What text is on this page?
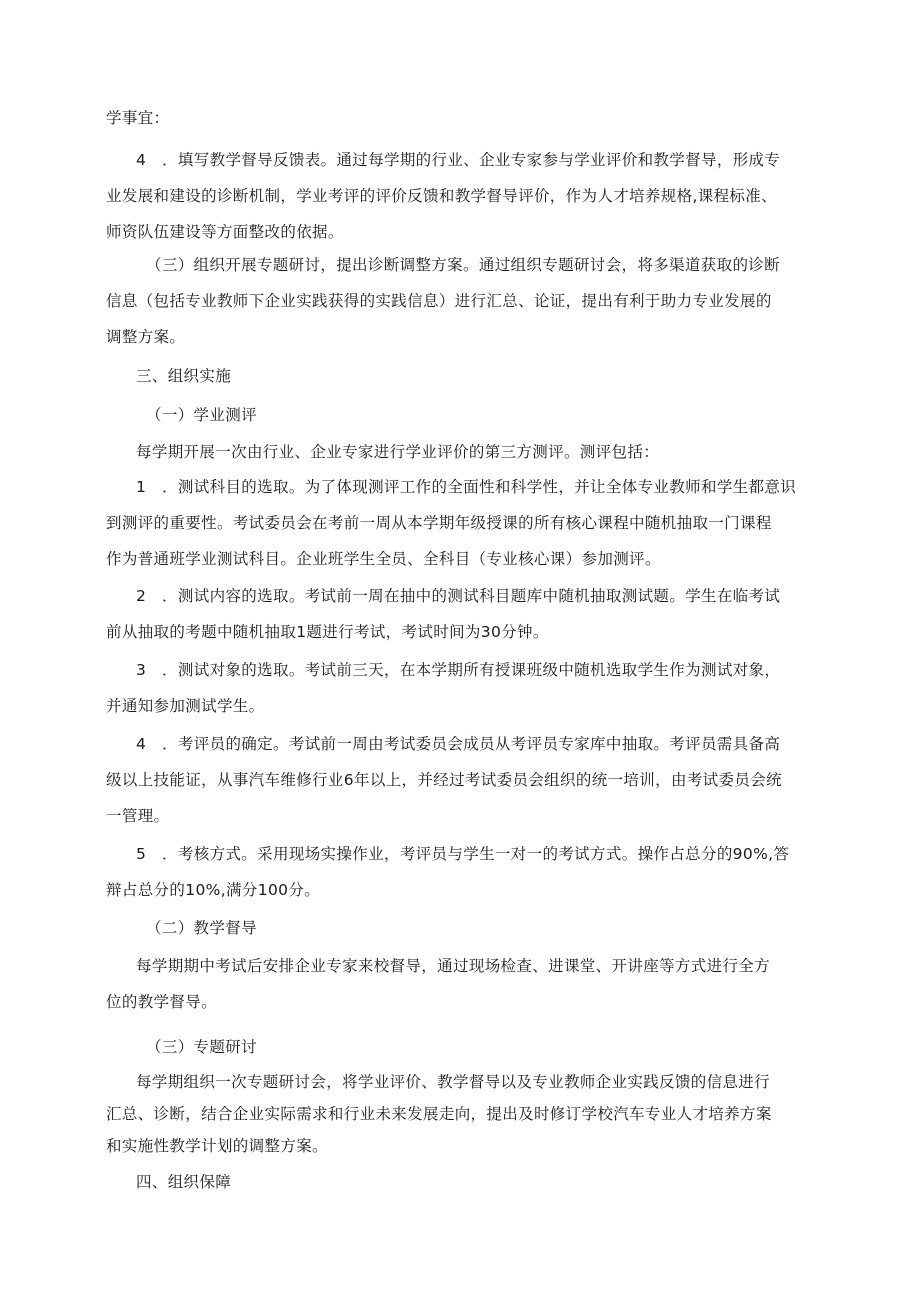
学事宜：

4　．填写教学督导反馈表。通过每学期的行业、企业专家参与学业评价和教学督导，形成专
业发展和建设的诊断机制，学业考评的评价反馈和教学督导评价，作为人才培养规格,课程标准、
师资队伍建设等方面整改的依据。

（三）组织开展专题研讨，提出诊断调整方案。通过组织专题研讨会，将多渠道获取的诊断
信息（包括专业教师下企业实践获得的实践信息）进行汇总、论证，提出有利于助力专业发展的
调整方案。

三、组织实施

（一）学业测评

每学期开展一次由行业、企业专家进行学业评价的第三方测评。测评包括：

1　．测试科目的选取。为了体现测评工作的全面性和科学性，并让全体专业教师和学生都意识
到测评的重要性。考试委员会在考前一周从本学期年级授课的所有核心课程中随机抽取一门课程
作为普通班学业测试科目。企业班学生全员、全科目（专业核心课）参加测评。

2　．测试内容的选取。考试前一周在抽中的测试科目题库中随机抽取测试题。学生在临考试
前从抽取的考题中随机抽取1题进行考试，考试时间为30分钟。

3　．测试对象的选取。考试前三天，在本学期所有授课班级中随机选取学生作为测试对象，
并通知参加测试学生。

4　．考评员的确定。考试前一周由考试委员会成员从考评员专家库中抽取。考评员需具备高
级以上技能证，从事汽车维修行业6年以上，并经过考试委员会组织的统一培训，由考试委员会统
一管理。

5　．考核方式。采用现场实操作业，考评员与学生一对一的考试方式。操作占总分的90%,答
辩占总分的10%,满分100分。

（二）教学督导

每学期期中考试后安排企业专家来校督导，通过现场检查、进课堂、开讲座等方式进行全方
位的教学督导。

（三）专题研讨

每学期组织一次专题研讨会，将学业评价、教学督导以及专业教师企业实践反馈的信息进行
汇总、诊断，结合企业实际需求和行业未来发展走向，提出及时修订学校汽车专业人才培养方案
和实施性教学计划的调整方案。

四、组织保障
